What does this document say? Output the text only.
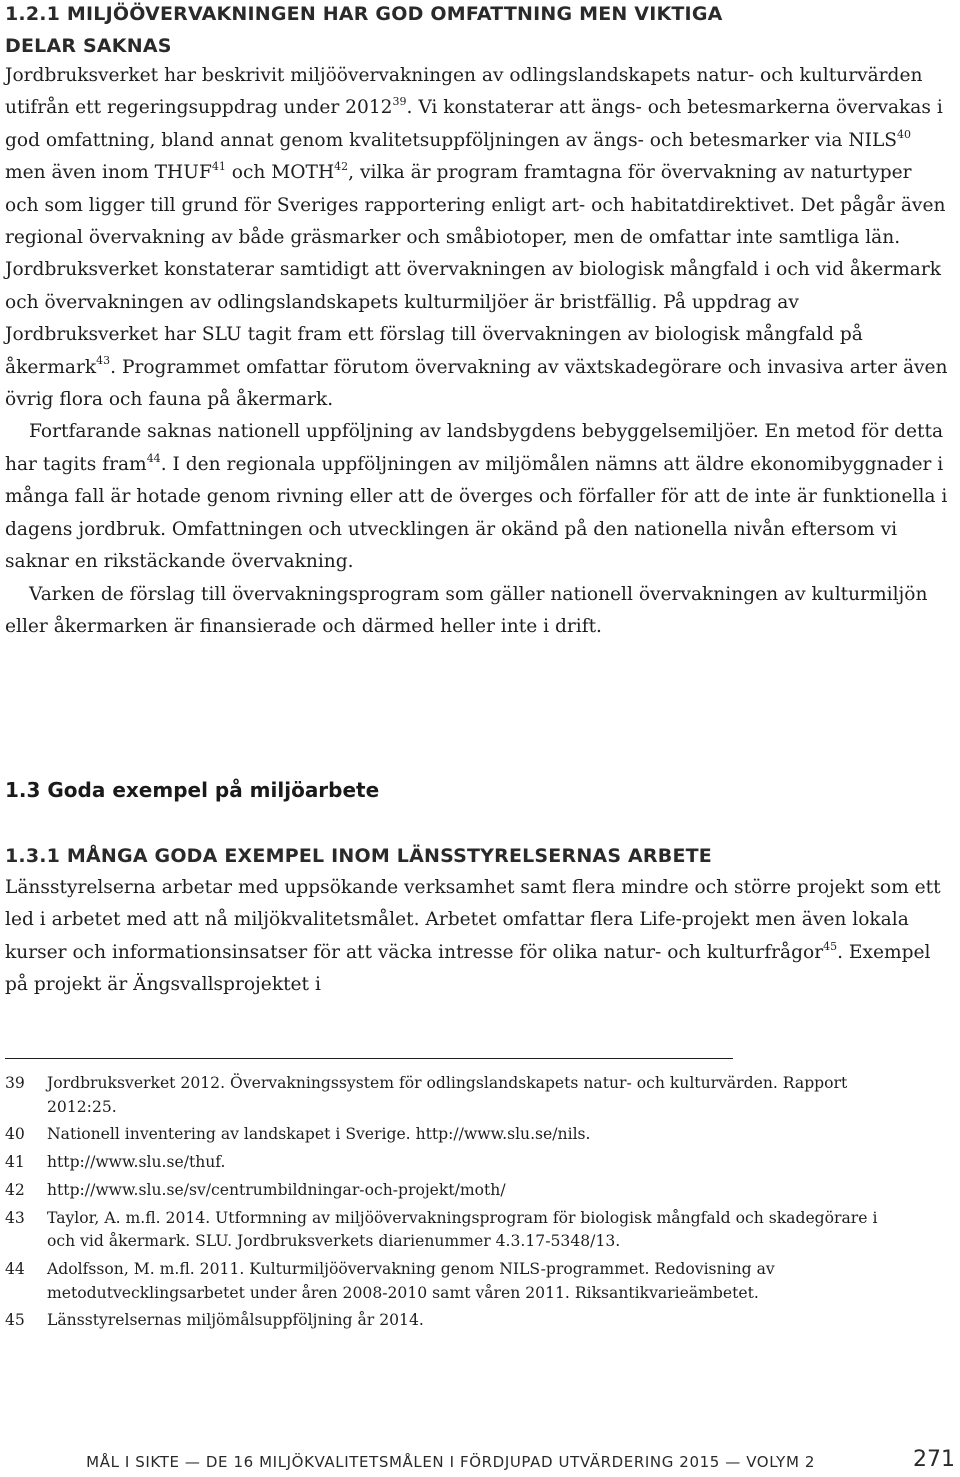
1.2.1 MILJÖÖVERVAKNINGEN HAR GOD OMFATTNING MEN VIKTIGA
DELAR SAKNAS

Jordbruksverket har beskrivit miljöövervakningen av odlingslandskapets natur- och kulturvärden utifrån ett regeringsuppdrag under 2012$^{39}$. Vi konstaterar att ängs- och betesmarkerna övervakas i god omfattning, bland annat genom kvalitetsuppföljningen av ängs- och betesmarker via NILS$^{40}$ men även inom THUF$^{41}$ och MOTH$^{42}$, vilka är program framtagna för övervakning av naturtyper och som ligger till grund för Sveriges rapportering enligt art- och habitatdirektivet. Det pågår även regional övervakning av både gräsmarker och småbiotoper, men de omfattar inte samtliga län. Jordbruksverket konstaterar samtidigt att övervakningen av biologisk mångfald i och vid åkermark och övervakningen av odlingslandskapets kulturmiljöer är bristfällig. På uppdrag av Jordbruksverket har SLU tagit fram ett förslag till övervakningen av biologisk mångfald på åkermark$^{43}$. Programmet omfattar förutom övervakning av växtskadegörare och invasiva arter även övrig flora och fauna på åkermark.

Fortfarande saknas nationell uppföljning av landsbygdens bebyggelsemiljöer. En metod för detta har tagits fram$^{44}$. I den regionala uppföljningen av miljömålen nämns att äldre ekonomibyggnader i många fall är hotade genom rivning eller att de överges och förfaller för att de inte är funktionella i dagens jordbruk. Omfattningen och utvecklingen är okänd på den nationella nivån eftersom vi saknar en rikstäckande övervakning.

Varken de förslag till övervakningsprogram som gäller nationell övervakningen av kulturmiljön eller åkermarken är finansierade och därmed heller inte i drift.

1.3 Goda exempel på miljöarbete
1.3.1 MÅNGA GODA EXEMPEL INOM LÄNSSTYRELSERNAS ARBETE

Länsstyrelserna arbetar med uppsökande verksamhet samt flera mindre och större projekt som ett led i arbetet med att nå miljökvalitetsmålet. Arbetet omfattar flera Life-projekt men även lokala kurser och informationsinsatser för att väcka intresse för olika natur- och kulturfrågor$^{45}$. Exempel på projekt är Ängsvallsprojektet i

39	Jordbruksverket 2012. Övervakningssystem för odlingslandskapets natur- och kulturvärden. Rapport 2012:25.
40	Nationell inventering av landskapet i Sverige. http://www.slu.se/nils.
41	http://www.slu.se/thuf.
42	http://www.slu.se/sv/centrumbildningar-och-projekt/moth/
43	Taylor, A. m.fl. 2014. Utformning av miljöövervakningsprogram för biologisk mångfald och skadegörare i och vid åkermark. SLU. Jordbruksverkets diarienummer 4.3.17-5348/13.
44	Adolfsson, M. m.fl. 2011. Kulturmiljöövervakning genom NILS-programmet. Redovisning av metodutvecklingsarbetet under åren 2008-2010 samt våren 2011. Riksantikvarieämbetet.
45	Länsstyrelsernas miljömålsuppföljning år 2014.
MÅL I SIKTE — DE 16 MILJÖKVALITETSMÅLEN I FÖRDJUPAD UTVÄRDERING 2015 — VOLYM 2	271
